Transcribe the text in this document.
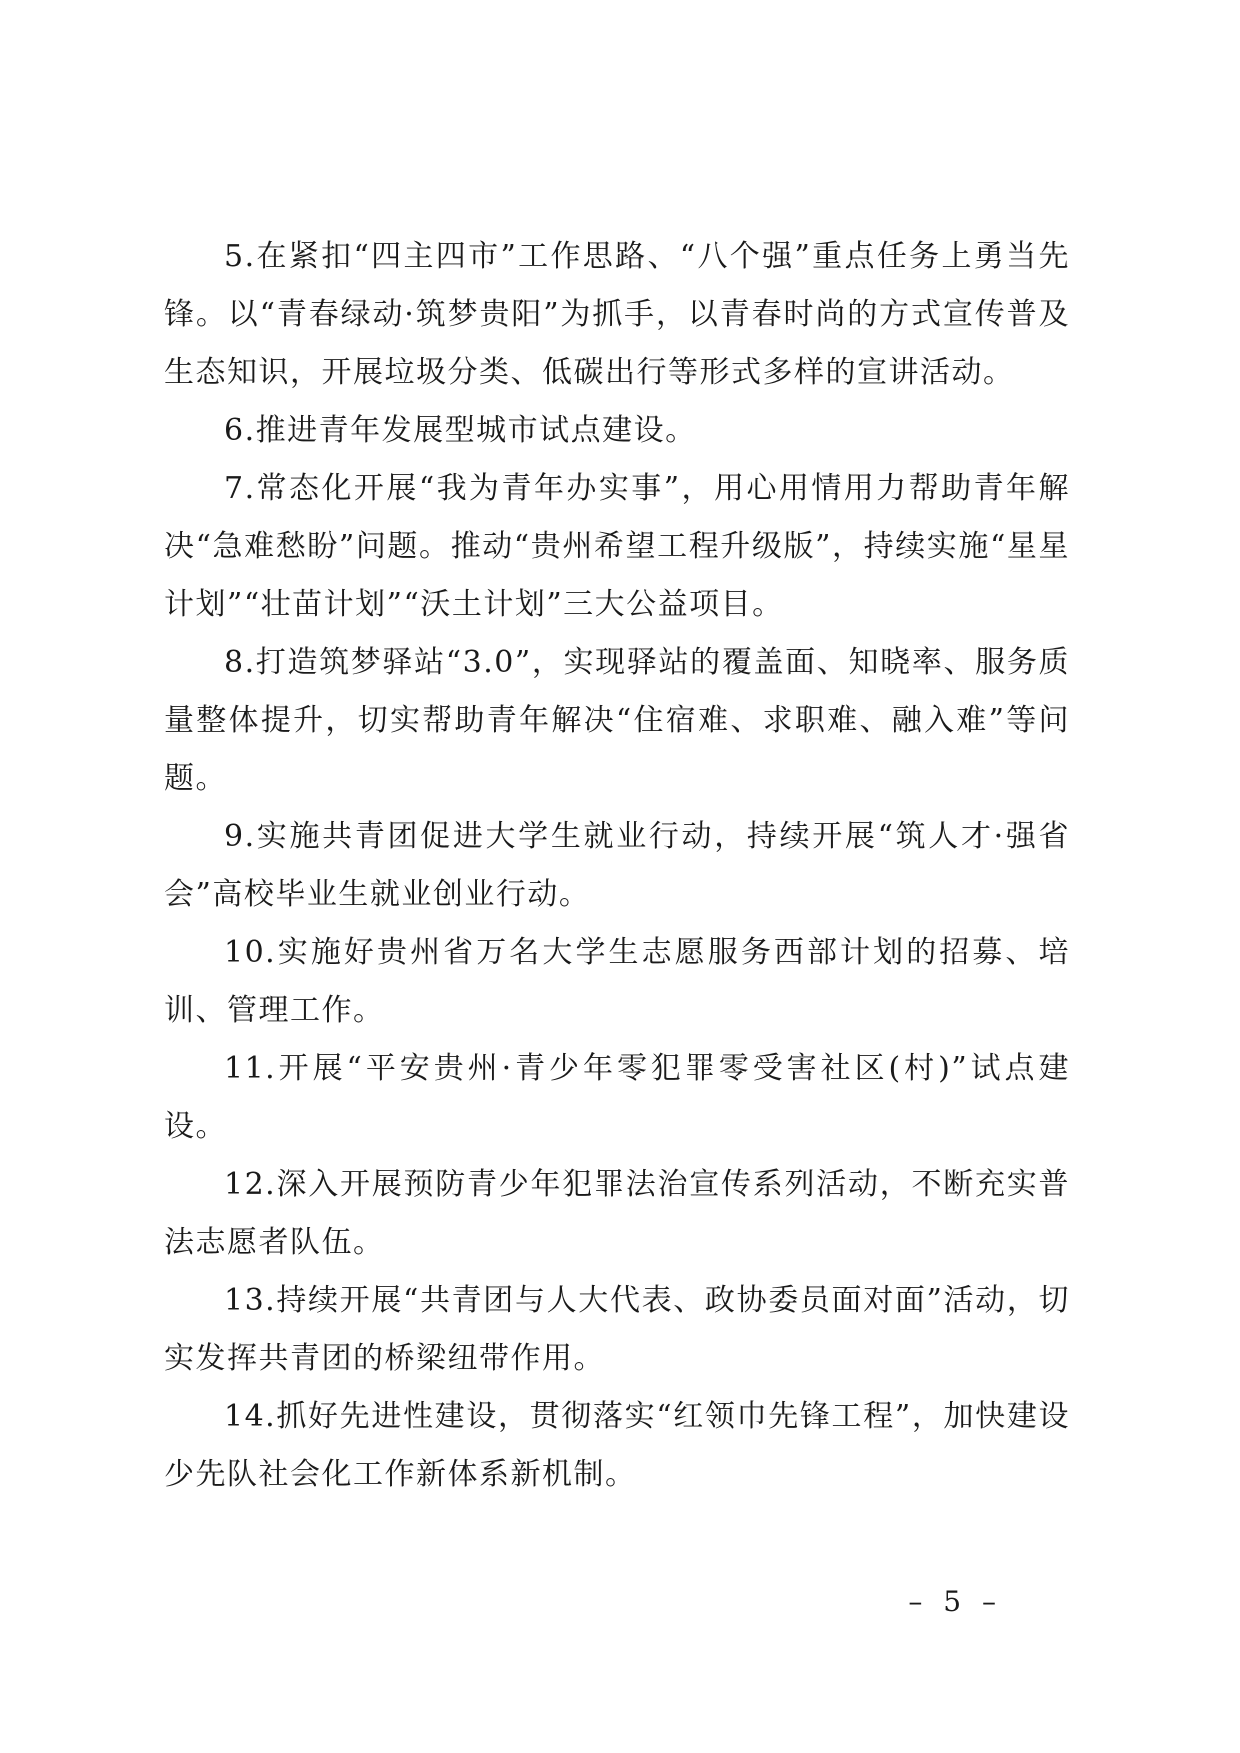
5.在紧扣“四主四市”工作思路、“八个强”重点任务上勇当先锋。以“青春绿动·筑梦贵阳”为抓手，以青春时尚的方式宣传普及生态知识，开展垃圾分类、低碳出行等形式多样的宣讲活动。

6.推进青年发展型城市试点建设。

7.常态化开展“我为青年办实事”，用心用情用力帮助青年解决“急难愁盼”问题。推动“贵州希望工程升级版”，持续实施“星星计划”“壮苗计划”“沃土计划”三大公益项目。

8.打造筑梦驿站“3.0”，实现驿站的覆盖面、知晓率、服务质量整体提升，切实帮助青年解决“住宿难、求职难、融入难”等问题。

9.实施共青团促进大学生就业行动，持续开展“筑人才·强省会”高校毕业生就业创业行动。

10.实施好贵州省万名大学生志愿服务西部计划的招募、培训、管理工作。

11.开展“平安贵州·青少年零犯罪零受害社区(村)”试点建设。

12.深入开展预防青少年犯罪法治宣传系列活动，不断充实普法志愿者队伍。

13.持续开展“共青团与人大代表、政协委员面对面”活动，切实发挥共青团的桥梁纽带作用。

14.抓好先进性建设，贯彻落实“红领巾先锋工程”，加快建设少先队社会化工作新体系新机制。

– 5 –
